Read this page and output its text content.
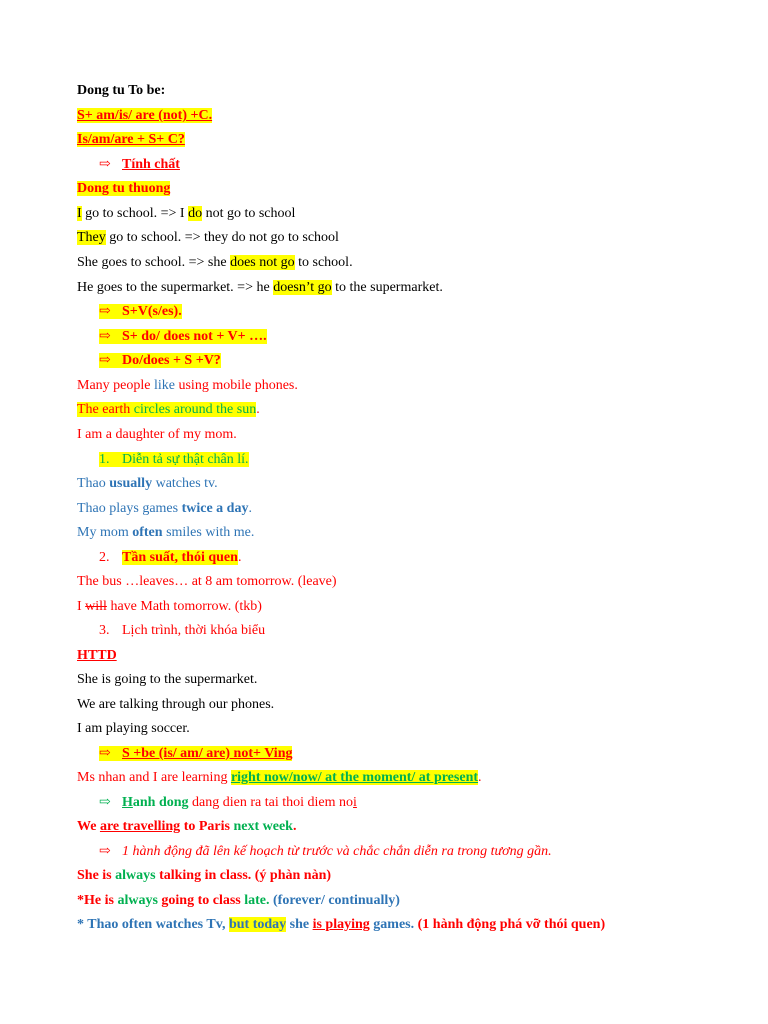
Dong tu To be:
S+ am/is/ are (not) +C.
Is/am/are + S+ C?
⇨ Tính chất
Dong tu thuong
I go to school. => I do not go to school
They go to school. => they do not go to school
She goes to school. => she does not go to school.
He goes to the supermarket. => he doesn’t go to the supermarket.
⇨ S+V(s/es).
⇨ S+ do/ does not + V+ ….
⇨ Do/does + S +V?
Many people like using mobile phones.
The earth circles around the sun.
I am a daughter of my mom.
1. Diễn tả sự thật chân lí.
Thao usually watches tv.
Thao plays games twice a day.
My mom often smiles with me.
2. Tần suất, thói quen.
The bus …leaves… at 8 am tomorrow. (leave)
I will have Math tomorrow. (tkb)
3. Lịch trình, thời khóa biểu
HTTD
She is going to the supermarket.
We are talking through our phones.
I am playing soccer.
⇨ S +be (is/ am/ are) not+ Ving
Ms nhan and I are learning right now/now/ at the moment/ at present.
⇨ Hanh dong dang dien ra tai thoi diem noi
We are travelling to Paris next week.
⇨ 1 hành động đã lên kế hoạch từ trước và chắc chắn diễn ra trong tương gần.
She is always talking in class. (ý phàn nàn)
*He is always going to class late. (forever/ continually)
* Thao often watches Tv, but today she is playing games. (1 hành động phá vỡ thói quen)
